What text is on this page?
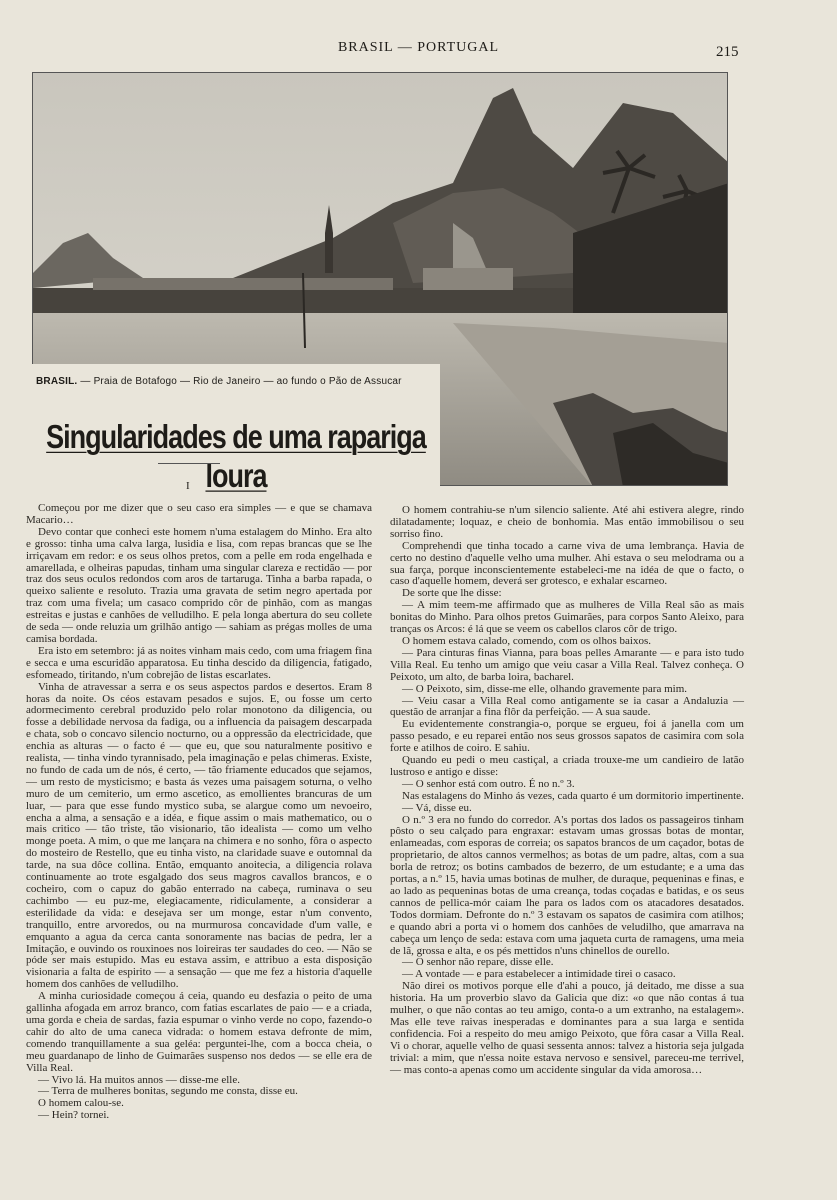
BRASIL — PORTUGAL	215
BRASIL. — Praia de Botafogo — Rio de Janeiro — ao fundo o Pão de Assucar
Singularidades de uma rapariga loura
I

Começou por me dizer que o seu caso era simples — e que se chamava Macario…

Devo contar que conheci este homem n'uma estalagem do Minho. Era alto e grosso: tinha uma calva larga, lusidia e lisa, com repas brancas que se lhe irriçavam em redor: e os seus olhos pretos, com a pelle em roda engelhada e amarellada, e olheiras papudas, tinham uma singular clareza e rectidão — por traz dos seus oculos redondos com aros de tartaruga. Tinha a barba rapada, o queixo saliente e resoluto. Trazia uma gravata de setim negro apertada por traz com uma fivela; um casaco comprido côr de pinhão, com as mangas estreitas e justas e canhões de velludilho. E pela longa abertura do seu collete de seda — onde reluzia um grilhão antigo — sahiam as prégas molles de uma camisa bordada.

Era isto em setembro: já as noites vinham mais cedo, com uma friagem fina e secca e uma escuridão apparatosa. Eu tinha descido da diligencia, fatigado, esfomeado, tiritando, n'um cobrejão de listas escarlates.

Vinha de atravessar a serra e os seus aspectos pardos e desertos. Eram 8 horas da noite. Os céos estavam pesados e sujos. E, ou fosse um certo adormecimento cerebral produzido pelo rolar monotono da diligencia, ou fosse a debilidade nervosa da fadiga, ou a influencia da paisagem descarpada e chata, sob o concavo silencio nocturno, ou a oppressão da electricidade, que enchia as alturas — o facto é — que eu, que sou naturalmente positivo e realista, — tinha vindo tyrannisado, pela imaginação e pelas chimeras. Existe, no fundo de cada um de nós, é certo, — tão friamente educados que sejamos, — um resto de mysticismo; e basta ás vezes uma paisagem soturna, o velho muro de um cemiterio, um ermo ascetico, as emollientes brancuras de um luar, — para que esse fundo mystico suba, se alargue como um nevoeiro, encha a alma, a sensação e a idéa, e fique assim o mais mathematico, ou o mais critico — tão triste, tão visionario, tão idealista — como um velho monge poeta. A mim, o que me lançara na chimera e no sonho, fôra o aspecto do mosteiro de Restello, que eu tinha visto, na claridade suave e outomnal da tarde, na sua dôce collina. Então, emquanto anoitecia, a diligencia rolava continuamente ao trote esgalgado dos seus magros cavallos brancos, e o cocheiro, com o capuz do gabão enterrado na cabeça, ruminava o seu cachimbo — eu puz-me, elegiacamente, ridiculamente, a considerar a esterilidade da vida: e desejava ser um monge, estar n'um convento, tranquillo, entre arvoredos, ou na murmurosa concavidade d'um valle, e emquanto a agua da cerca canta sonoramente nas bacias de pedra, ler a Imitação, e ouvindo os rouxinoes nos loireiras ter saudades do ceo. — Não se póde ser mais estupido. Mas eu estava assim, e attribuo a esta disposição visionaria a falta de espirito — a sensação — que me fez a historia d'aquelle homem dos canhões de velludilho.

A minha curiosidade começou á ceia, quando eu desfazia o peito de uma gallinha afogada em arroz branco, com fatias escarlates de paio — e a criada, uma gorda e cheia de sardas, fazia espumar o vinho verde no copo, fazendo-o cahir do alto de uma caneca vidrada: o homem estava defronte de mim, comendo tranquillamente a sua geléa: perguntei-lhe, com a bocca cheia, o meu guardanapo de linho de Guimarães suspenso nos dedos — se elle era de Villa Real.

— Vivo lá. Ha muitos annos — disse-me elle.

— Terra de mulheres bonitas, segundo me consta, disse eu.

O homem calou-se.

— Hein? tornei.

O homem contrahiu-se n'um silencio saliente. Até ahi estivera alegre, rindo dilatadamente; loquaz, e cheio de bonhomia. Mas então immobilisou o seu sorriso fino.

Comprehendi que tinha tocado a carne viva de uma lembrança. Havia de certo no destino d'aquelle velho uma mulher. Ahi estava o seu melodrama ou a sua farça, porque inconscientemente estabeleci-me na idéa de que o facto, o caso d'aquelle homem, deverá ser grotesco, e exhalar escarneo.

De sorte que lhe disse:

— A mim teem-me affirmado que as mulheres de Villa Real são as mais bonitas do Minho. Para olhos pretos Guimarães, para corpos Santo Aleixo, para tranças os Arcos: é lá que se veem os cabellos claros côr de trigo.

O homem estava calado, comendo, com os olhos baixos.

— Para cinturas finas Vianna, para boas pelles Amarante — e para isto tudo Villa Real. Eu tenho um amigo que veiu casar a Villa Real. Talvez conheça. O Peixoto, um alto, de barba loira, bacharel.

— O Peixoto, sim, disse-me elle, olhando gravemente para mim.

— Veiu casar a Villa Real como antigamente se ia casar a Andaluzia — questão de arranjar a fina flôr da perfeição. — A sua saude.

Eu evidentemente constrangia-o, porque se ergueu, foi á janella com um passo pesado, e eu reparei então nos seus grossos sapatos de casimira com sola forte e atilhos de coiro. E sahiu.

Quando eu pedi o meu castiçal, a criada trouxe-me um candieiro de latão lustroso e antigo e disse:

— O senhor está com outro. É no n.º 3.

Nas estalagens do Minho ás vezes, cada quarto é um dormitorio impertinente.

— Vá, disse eu.

O n.º 3 era no fundo do corredor. A's portas dos lados os passageiros tinham pôsto o seu calçado para engraxar: estavam umas grossas botas de montar, enlameadas, com esporas de correia; os sapatos brancos de um caçador, botas de proprietario, de altos cannos vermelhos; as botas de um padre, altas, com a sua borla de retroz; os botins cambados de bezerro, de um estudante; e a uma das portas, a n.º 15, havia umas botinas de mulher, de duraque, pequeninas e finas, e ao lado as pequeninas botas de uma creança, todas coçadas e batidas, e os seus cannos de pellica-mór caiam lhe para os lados com os atacadores desatados. Todos dormiam. Defronte do n.º 3 estavam os sapatos de casimira com atilhos; e quando abri a porta vi o homem dos canhões de veludilho, que amarrava na cabeça um lenço de seda: estava com uma jaqueta curta de ramagens, uma meia de lã, grossa e alta, e os pés mettidos n'uns chinellos de ourello.

— O senhor não repare, disse elle.

— A vontade — e para estabelecer a intimidade tirei o casaco.

Não direi os motivos porque elle d'ahi a pouco, já deitado, me disse a sua historia. Ha um proverbio slavo da Galicia que diz: «o que não contas á tua mulher, o que não contas ao teu amigo, conta-o a um extranho, na estalagem». Mas elle teve raivas inesperadas e dominantes para a sua larga e sentida confidencia. Foi a respeito do meu amigo Peixoto, que fôra casar a Villa Real. Vi o chorar, aquelle velho de quasi sessenta annos: talvez a historia seja julgada trivial: a mim, que n'essa noite estava nervoso e sensivel, pareceu-me terrivel, — mas conto-a apenas como um accidente singular da vida amorosa…
